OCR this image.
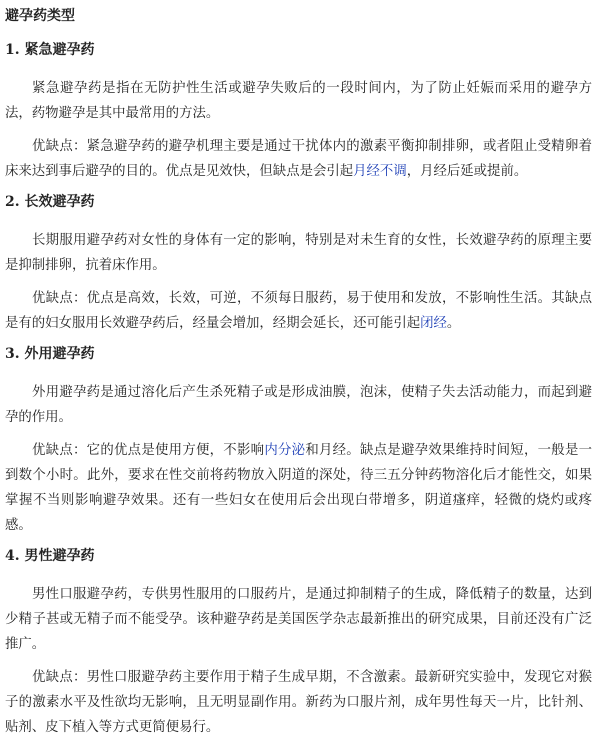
避孕药类型
1. 紧急避孕药

紧急避孕药是指在无防护性生活或避孕失败后的一段时间内，为了防止妊娠而采用的避孕方法，药物避孕是其中最常用的方法。

优缺点：紧急避孕药的避孕机理主要是通过干扰体内的激素平衡抑制排卵，或者阻止受精卵着床来达到事后避孕的目的。优点是见效快，但缺点是会引起月经不调，月经后延或提前。

2. 长效避孕药

长期服用避孕药对女性的身体有一定的影响，特别是对未生育的女性，长效避孕药的原理主要是抑制排卵，抗着床作用。

优缺点：优点是高效，长效，可逆，不须每日服药，易于使用和发放，不影响性生活。其缺点是有的妇女服用长效避孕药后，经量会增加，经期会延长，还可能引起闭经。

3. 外用避孕药

外用避孕药是通过溶化后产生杀死精子或是形成油膜，泡沫，使精子失去活动能力，而起到避孕的作用。

优缺点：它的优点是使用方便，不影响内分泌和月经。缺点是避孕效果维持时间短，一般是一到数个小时。此外，要求在性交前将药物放入阴道的深处，待三五分钟药物溶化后才能性交，如果掌握不当则影响避孕效果。还有一些妇女在使用后会出现白带增多，阴道瘙痒，轻微的烧灼或疼感。

4. 男性避孕药

男性口服避孕药，专供男性服用的口服药片，是通过抑制精子的生成，降低精子的数量，达到少精子甚或无精子而不能受孕。该种避孕药是美国医学杂志最新推出的研究成果，目前还没有广泛推广。

优缺点：男性口服避孕药主要作用于精子生成早期，不含激素。最新研究实验中，发现它对猴子的激素水平及性欲均无影响，且无明显副作用。新药为口服片剂，成年男性每天一片，比针剂、贴剂、皮下植入等方式更简便易行。
